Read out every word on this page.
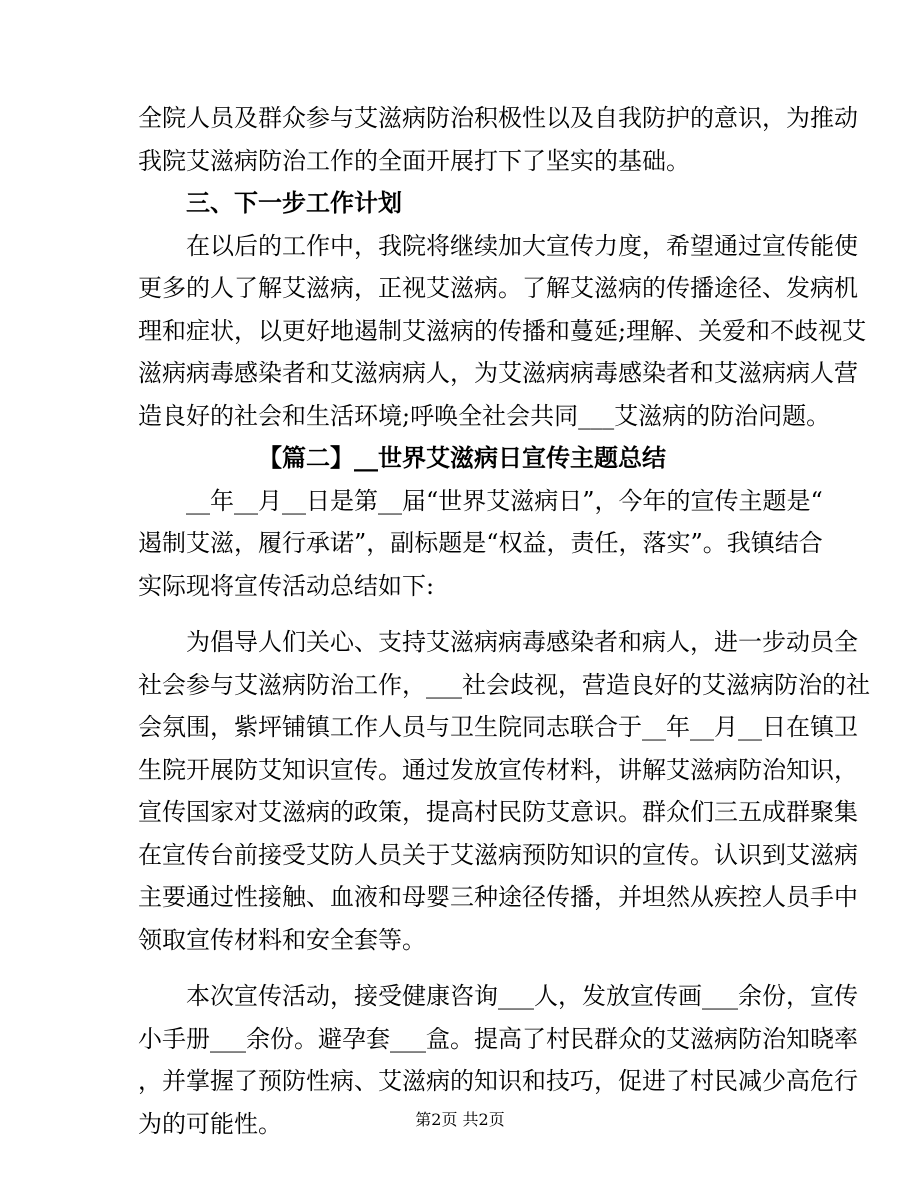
全院人员及群众参与艾滋病防治积极性以及自我防护的意识，为推动
我院艾滋病防治工作的全面开展打下了坚实的基础。
三、下一步工作计划
在以后的工作中，我院将继续加大宣传力度，希望通过宣传能使
更多的人了解艾滋病，正视艾滋病。了解艾滋病的传播途径、发病机
理和症状，以更好地遏制艾滋病的传播和蔓延;理解、关爱和不歧视艾
滋病病毒感染者和艾滋病病人，为艾滋病病毒感染者和艾滋病病人营
造良好的社会和生活环境;呼唤全社会共同___艾滋病的防治问题。
【篇二】__世界艾滋病日宣传主题总结
__年__月__日是第__届“世界艾滋病日”，今年的宣传主题是“
遏制艾滋，履行承诺”，副标题是“权益，责任，落实”。我镇结合
实际现将宣传活动总结如下:
为倡导人们关心、支持艾滋病病毒感染者和病人，进一步动员全
社会参与艾滋病防治工作，___社会歧视，营造良好的艾滋病防治的社
会氛围，紫坪铺镇工作人员与卫生院同志联合于__年__月__日在镇卫
生院开展防艾知识宣传。通过发放宣传材料，讲解艾滋病防治知识，
宣传国家对艾滋病的政策，提高村民防艾意识。群众们三五成群聚集
在宣传台前接受艾防人员关于艾滋病预防知识的宣传。认识到艾滋病
主要通过性接触、血液和母婴三种途径传播，并坦然从疾控人员手中
领取宣传材料和安全套等。
本次宣传活动，接受健康咨询___人，发放宣传画___余份，宣传
小手册___余份。避孕套___盒。提高了村民群众的艾滋病防治知晓率
，并掌握了预防性病、艾滋病的知识和技巧，促进了村民减少高危行
为的可能性。	第2页 共2页
